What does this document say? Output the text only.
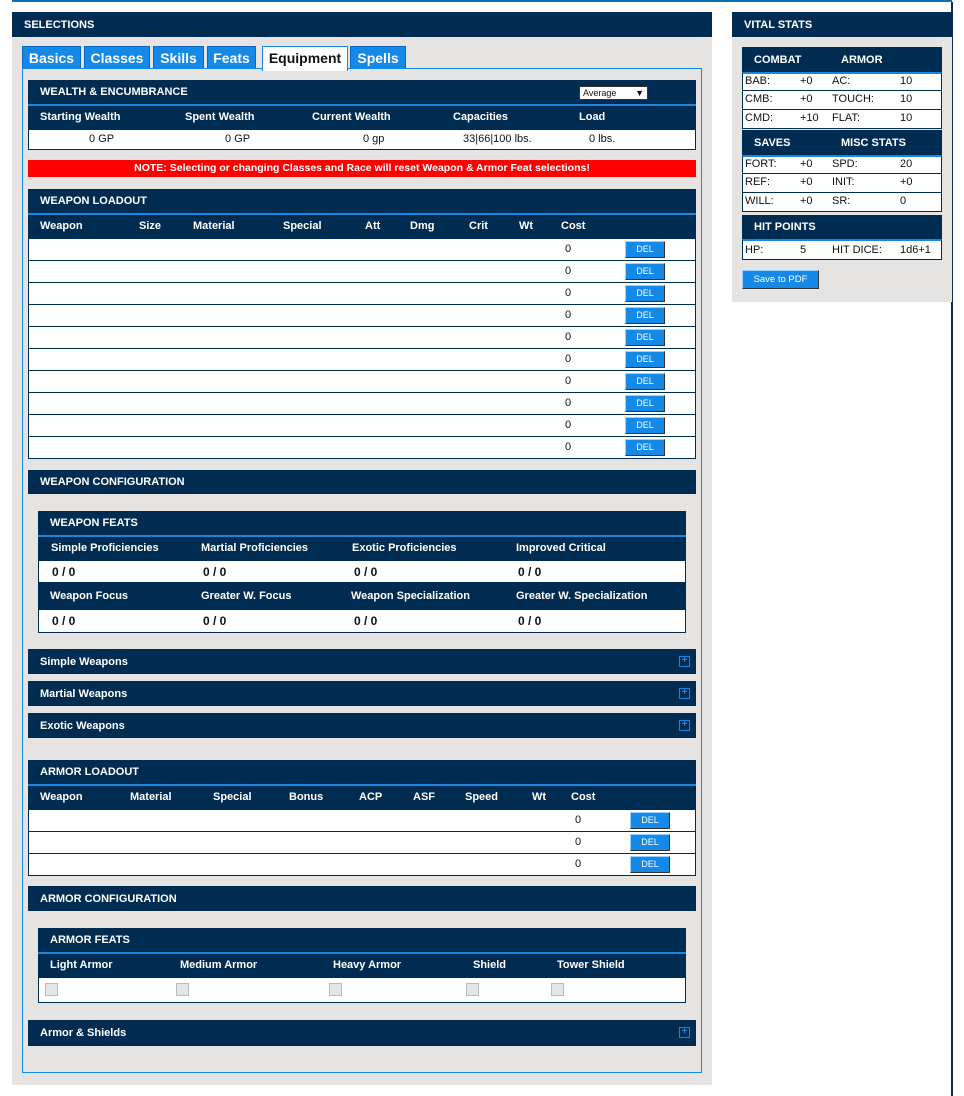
SELECTIONS
Basics	Classes	Skills	Feats	Equipment	Spells
WEALTH & ENCUMBRANCE	Average ▼
Starting Wealth	Spent Wealth	Current Wealth	Capacities	Load
0 GP	0 GP	0 gp	33|66|100 lbs.	0 lbs.
NOTE: Selecting or changing Classes and Race will reset Weapon & Armor Feat selections!
WEAPON LOADOUT
Weapon	Size	Material	Special	Att	Dmg	Crit	Wt	Cost
0	DEL
0	DEL
0	DEL
0	DEL
0	DEL
0	DEL
0	DEL
0	DEL
0	DEL
0	DEL
WEAPON CONFIGURATION
WEAPON FEATS
Simple Proficiencies	Martial Proficiencies	Exotic Proficiencies	Improved Critical
0 / 0	0 / 0	0 / 0	0 / 0
Weapon Focus	Greater W. Focus	Weapon Specialization	Greater W. Specialization
0 / 0	0 / 0	0 / 0	0 / 0
Simple Weapons	+
Martial Weapons	+
Exotic Weapons	+
ARMOR LOADOUT
Weapon	Material	Special	Bonus	ACP	ASF	Speed	Wt Cost
0	DEL
0	DEL
0	DEL
ARMOR CONFIGURATION
ARMOR FEATS
Light Armor	Medium Armor	Heavy Armor	Shield	Tower Shield
Armor & Shields	+
VITAL STATS
COMBAT	ARMOR
BAB:	+0 AC:	10
CMB:	+0 TOUCH: 10
CMD: +10 FLAT:	10
SAVES	MISC STATS
FORT: +0 SPD:	20
REF:	+0 INIT:	+0
WILL: +0 SR:	0
HIT POINTS
HP:	5 HIT DICE: 1d6+1
Save to PDF
